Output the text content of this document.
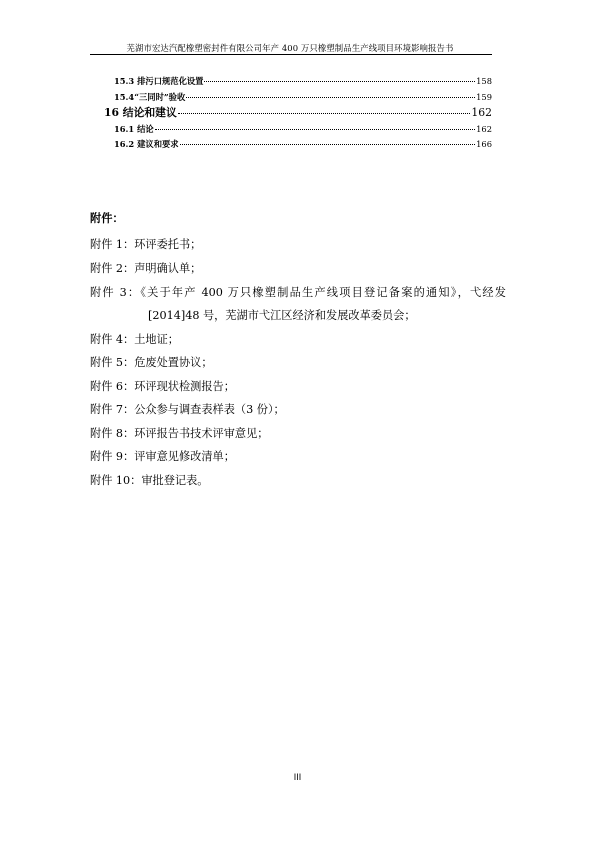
芜湖市宏达汽配橡塑密封件有限公司年产 400 万只橡塑制品生产线项目环境影响报告书
15.3 排污口规范化设置	158
15.4“三同时”验收	159
16 结论和建议	162
16.1 结论	162
16.2 建议和要求	166
附件：
附件 1：环评委托书；
附件 2：声明确认单；
附件 3：《关于年产 400 万只橡塑制品生产线项目登记备案的通知》，弋经发
[2014]48 号，芜湖市弋江区经济和发展改革委员会；
附件 4：土地证；
附件 5：危废处置协议；
附件 6：环评现状检测报告；
附件 7：公众参与调查表样表（3 份）；
附件 8：环评报告书技术评审意见；
附件 9：评审意见修改清单；
附件 10：审批登记表。
III
